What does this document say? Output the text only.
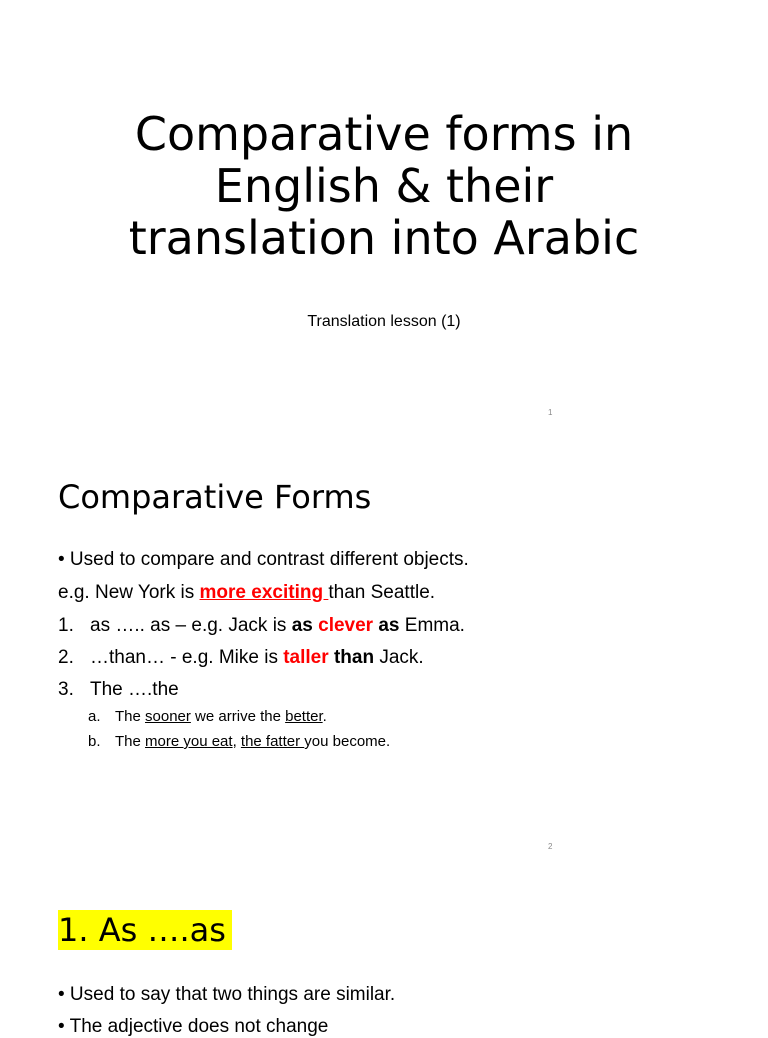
Comparative forms in
English & their
translation into Arabic
Translation lesson (1)
1
Comparative Forms
• Used to compare and contrast different objects.
e.g. New York is more exciting than Seattle.
1. as ….. as – e.g. Jack is as clever as Emma.
2. …than… - e.g. Mike is taller than Jack.
3. The ….the
a. The sooner we arrive the better.
b. The more you eat, the fatter you become.
2
1. As ….as
• Used to say that two things are similar.
• The adjective does not change
